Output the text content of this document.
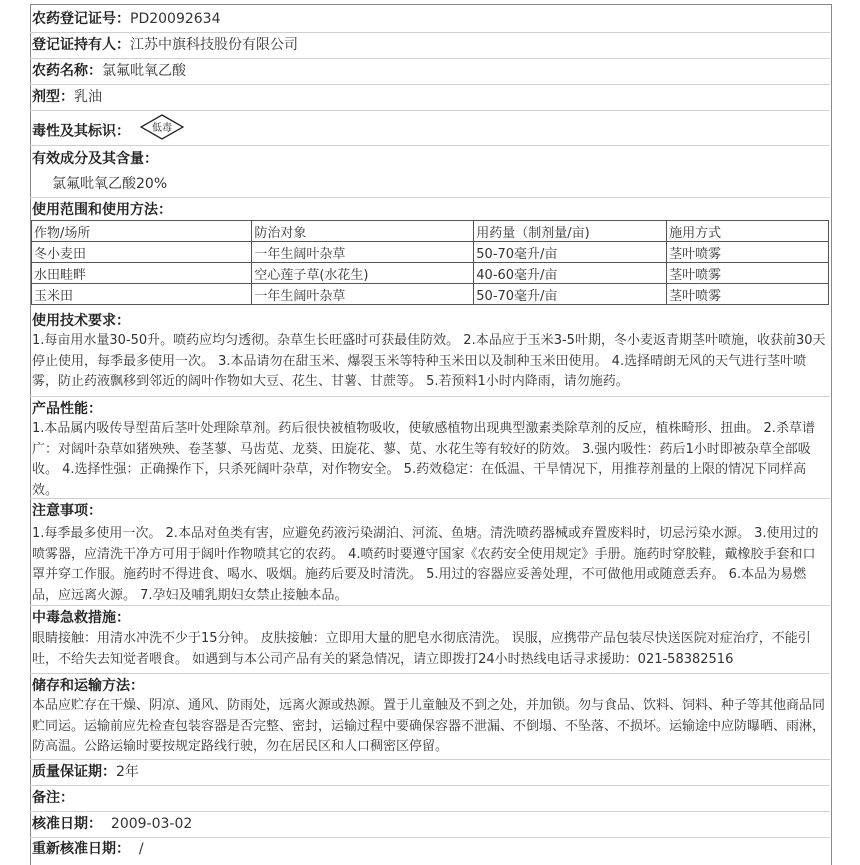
农药登记证号：PD20092634
登记证持有人：江苏中旗科技股份有限公司
农药名称：氯氟吡氧乙酸
剂型：乳油
毒性及其标识： 低毒
有效成分及其含量：
氯氟吡氧乙酸20%
使用范围和使用方法：
作物/场所	防治对象	用药量（制剂量/亩)	施用方式
冬小麦田	一年生阔叶杂草	50-70毫升/亩	茎叶喷雾
水田畦畔	空心莲子草(水花生)	40-60毫升/亩	茎叶喷雾
玉米田	一年生阔叶杂草	50-70毫升/亩	茎叶喷雾
使用技术要求：
1.每亩用水量30-50升。喷药应均匀透彻。杂草生长旺盛时可获最佳防效。 2.本品应于玉米3-5叶期，冬小麦返青期茎叶喷施，收获前30天停止使用，每季最多使用一次。 3.本品请勿在甜玉米、爆裂玉米等特种玉米田以及制种玉米田使用。 4.选择晴朗无风的天气进行茎叶喷雾，防止药液飘移到邻近的阔叶作物如大豆、花生、甘薯、甘蔗等。 5.若预料1小时内降雨，请勿施药。
产品性能：
1.本品属内吸传导型苗后茎叶处理除草剂。药后很快被植物吸收，使敏感植物出现典型激素类除草剂的反应，植株畸形、扭曲。 2.杀草谱广：对阔叶杂草如猪殃殃、卷茎蓼、马齿苋、龙葵、田旋花、蓼、苋、水花生等有较好的防效。 3.强内吸性：药后1小时即被杂草全部吸收。 4.选择性强：正确操作下，只杀死阔叶杂草，对作物安全。 5.药效稳定：在低温、干旱情况下，用推荐剂量的上限的情况下同样高效。
注意事项：
1.每季最多使用一次。 2.本品对鱼类有害，应避免药液污染湖泊、河流、鱼塘。清洗喷药器械或弃置废料时，切忌污染水源。 3.使用过的喷雾器，应清洗干净方可用于阔叶作物喷其它的农药。 4.喷药时要遵守国家《农药安全使用规定》手册。施药时穿胶鞋，戴橡胶手套和口罩并穿工作服。施药时不得进食、喝水、吸烟。施药后要及时清洗。 5.用过的容器应妥善处理，不可做他用或随意丢弃。 6.本品为易燃品，应远离火源。 7.孕妇及哺乳期妇女禁止接触本品。
中毒急救措施：
眼睛接触：用清水冲洗不少于15分钟。 皮肤接触：立即用大量的肥皂水彻底清洗。 误服，应携带产品包装尽快送医院对症治疗，不能引吐，不给失去知觉者喂食。 如遇到与本公司产品有关的紧急情况，请立即拨打24小时热线电话寻求援助：021-58382516
储存和运输方法：
本品应贮存在干燥、阴凉、通风、防雨处，远离火源或热源。置于儿童触及不到之处，并加锁。勿与食品、饮料、饲料、种子等其他商品同贮同运。运输前应先检查包装容器是否完整、密封，运输过程中要确保容器不泄漏、不倒塌、不坠落、不损坏。运输途中应防曝晒、雨淋，防高温。公路运输时要按规定路线行驶，勿在居民区和人口稠密区停留。
质量保证期：2年
备注：
核准日期： 2009-03-02
重新核准日期： /
